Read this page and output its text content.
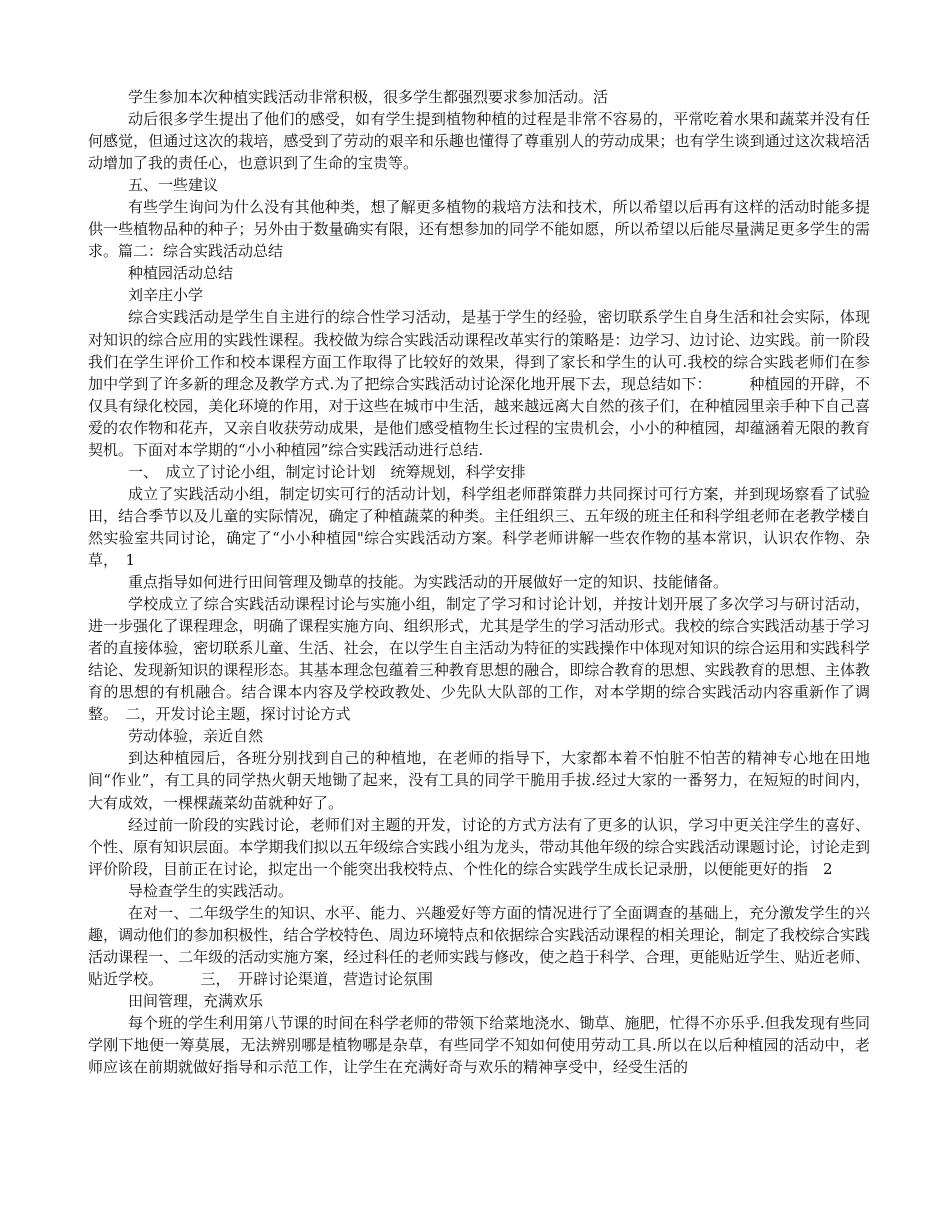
学生参加本次种植实践活动非常积极，很多学生都强烈要求参加活动。活

动后很多学生提出了他们的感受，如有学生提到植物种植的过程是非常不容易的，平常吃着水果和蔬菜并没有任何感觉，但通过这次的栽培，感受到了劳动的艰辛和乐趣也懂得了尊重别人的劳动成果；也有学生谈到通过这次栽培活动增加了我的责任心，也意识到了生命的宝贵等。

五、一些建议

有些学生询问为什么没有其他种类，想了解更多植物的栽培方法和技术，所以希望以后再有这样的活动时能多提供一些植物品种的种子；另外由于数量确实有限，还有想参加的同学不能如愿，所以希望以后能尽量满足更多学生的需求。篇二：综合实践活动总结

种植园活动总结

刘辛庄小学

综合实践活动是学生自主进行的综合性学习活动，是基于学生的经验，密切联系学生自身生活和社会实际，体现对知识的综合应用的实践性课程。我校做为综合实践活动课程改革实行的策略是：边学习、边讨论、边实践。前一阶段我们在学生评价工作和校本课程方面工作取得了比较好的效果，得到了家长和学生的认可.我校的综合实践老师们在参加中学到了许多新的理念及教学方式.为了把综合实践活动讨论深化地开展下去，现总结如下：　　　种植园的开辟，不仅具有绿化校园，美化环境的作用，对于这些在城市中生活，越来越远离大自然的孩子们，在种植园里亲手种下自己喜爱的农作物和花卉，又亲自收获劳动成果，是他们感受植物生长过程的宝贵机会，小小的种植园，却蕴涵着无限的教育契机。下面对本学期的“小小种植园”综合实践活动进行总结.

一、　成立了讨论小组，制定讨论计划　统筹规划，科学安排

成立了实践活动小组，制定切实可行的活动计划，科学组老师群策群力共同探讨可行方案，并到现场察看了试验田，结合季节以及儿童的实际情况，确定了种植蔬菜的种类。主任组织三、五年级的班主任和科学组老师在老教学楼自然实验室共同讨论，确定了“小小种植园"综合实践活动方案。科学老师讲解一些农作物的基本常识，认识农作物、杂草，　1

重点指导如何进行田间管理及锄草的技能。为实践活动的开展做好一定的知识、技能储备。

学校成立了综合实践活动课程讨论与实施小组，制定了学习和讨论计划，并按计划开展了多次学习与研讨活动，进一步强化了课程理念，明确了课程实施方向、组织形式，尤其是学生的学习活动形式。我校的综合实践活动基于学习者的直接体验，密切联系儿童、生活、社会，在以学生自主活动为特征的实践操作中体现对知识的综合运用和实践科学结论、发现新知识的课程形态。其基本理念包蕴着三种教育思想的融合，即综合教育的思想、实践教育的思想、主体教育的思想的有机融合。结合课本内容及学校政教处、少先队大队部的工作，对本学期的综合实践活动内容重新作了调整。　二，开发讨论主题，探讨讨论方式

劳动体验，亲近自然

到达种植园后，各班分别找到自己的种植地，在老师的指导下，大家都本着不怕脏不怕苦的精神专心地在田地间“作业”，有工具的同学热火朝天地锄了起来，没有工具的同学干脆用手拔.经过大家的一番努力，在短短的时间内，大有成效，一棵棵蔬菜幼苗就种好了。

经过前一阶段的实践讨论，老师们对主题的开发，讨论的方式方法有了更多的认识，学习中更关注学生的喜好、个性、原有知识层面。本学期我们拟以五年级综合实践小组为龙头，带动其他年级的综合实践活动课题讨论，讨论走到评价阶段，目前正在讨论，拟定出一个能突出我校特点、个性化的综合实践学生成长记录册，以便能更好的指　2

导检查学生的实践活动。

在对一、二年级学生的知识、水平、能力、兴趣爱好等方面的情况进行了全面调查的基础上，充分激发学生的兴趣，调动他们的参加积极性，结合学校特色、周边环境特点和依据综合实践活动课程的相关理论，制定了我校综合实践活动课程一、二年级的活动实施方案，经过科任的老师实践与修改，使之趋于科学、合理，更能贴近学生、贴近老师、贴近学校。　　　三，　开辟讨论渠道，营造讨论氛围

田间管理，充满欢乐

每个班的学生利用第八节课的时间在科学老师的带领下给菜地浇水、锄草、施肥，忙得不亦乐乎.但我发现有些同学刚下地便一筹莫展，无法辨别哪是植物哪是杂草，有些同学不知如何使用劳动工具.所以在以后种植园的活动中，老师应该在前期就做好指导和示范工作，让学生在充满好奇与欢乐的精神享受中，经受生活的
